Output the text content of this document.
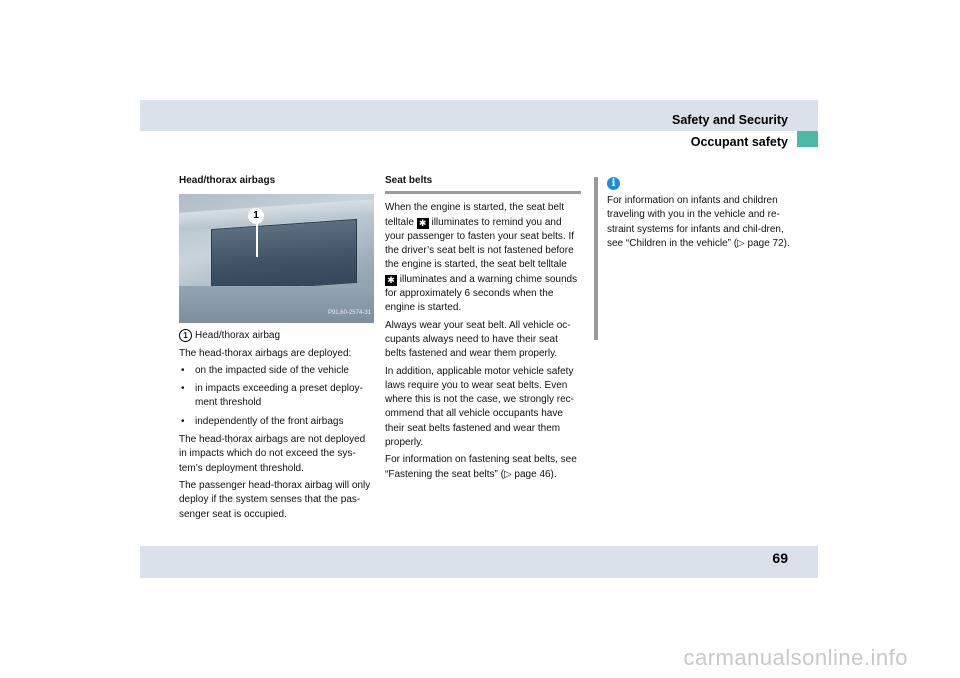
Safety and Security
Occupant safety
Head/thorax airbags
1
P91.60-2574-31

1 Head/thorax airbag

The head-thorax airbags are deployed:

• on the impacted side of the vehicle
• in impacts exceeding a preset deploy-ment threshold
• independently of the front airbags

The head-thorax airbags are not deployed in impacts which do not exceed the sys-tem’s deployment threshold.

The passenger head-thorax airbag will only deploy if the system senses that the pas-senger seat is occupied.

Seat belts

When the engine is started, the seat belt telltale ✱ illuminates to remind you and your passenger to fasten your seat belts. If the driver’s seat belt is not fastened before the engine is started, the seat belt telltale ✱ illuminates and a warning chime sounds for approximately 6 seconds when the engine is started.

Always wear your seat belt. All vehicle oc-cupants always need to have their seat belts fastened and wear them properly.

In addition, applicable motor vehicle safety laws require you to wear seat belts. Even where this is not the case, we strongly rec-ommend that all vehicle occupants have their seat belts fastened and wear them properly.

For information on fastening seat belts, see “Fastening the seat belts” (▷ page 46).

i

For information on infants and children traveling with you in the vehicle and re-straint systems for infants and chil-dren, see “Children in the vehicle” (▷ page 72).

69
carmanualsonline.info
